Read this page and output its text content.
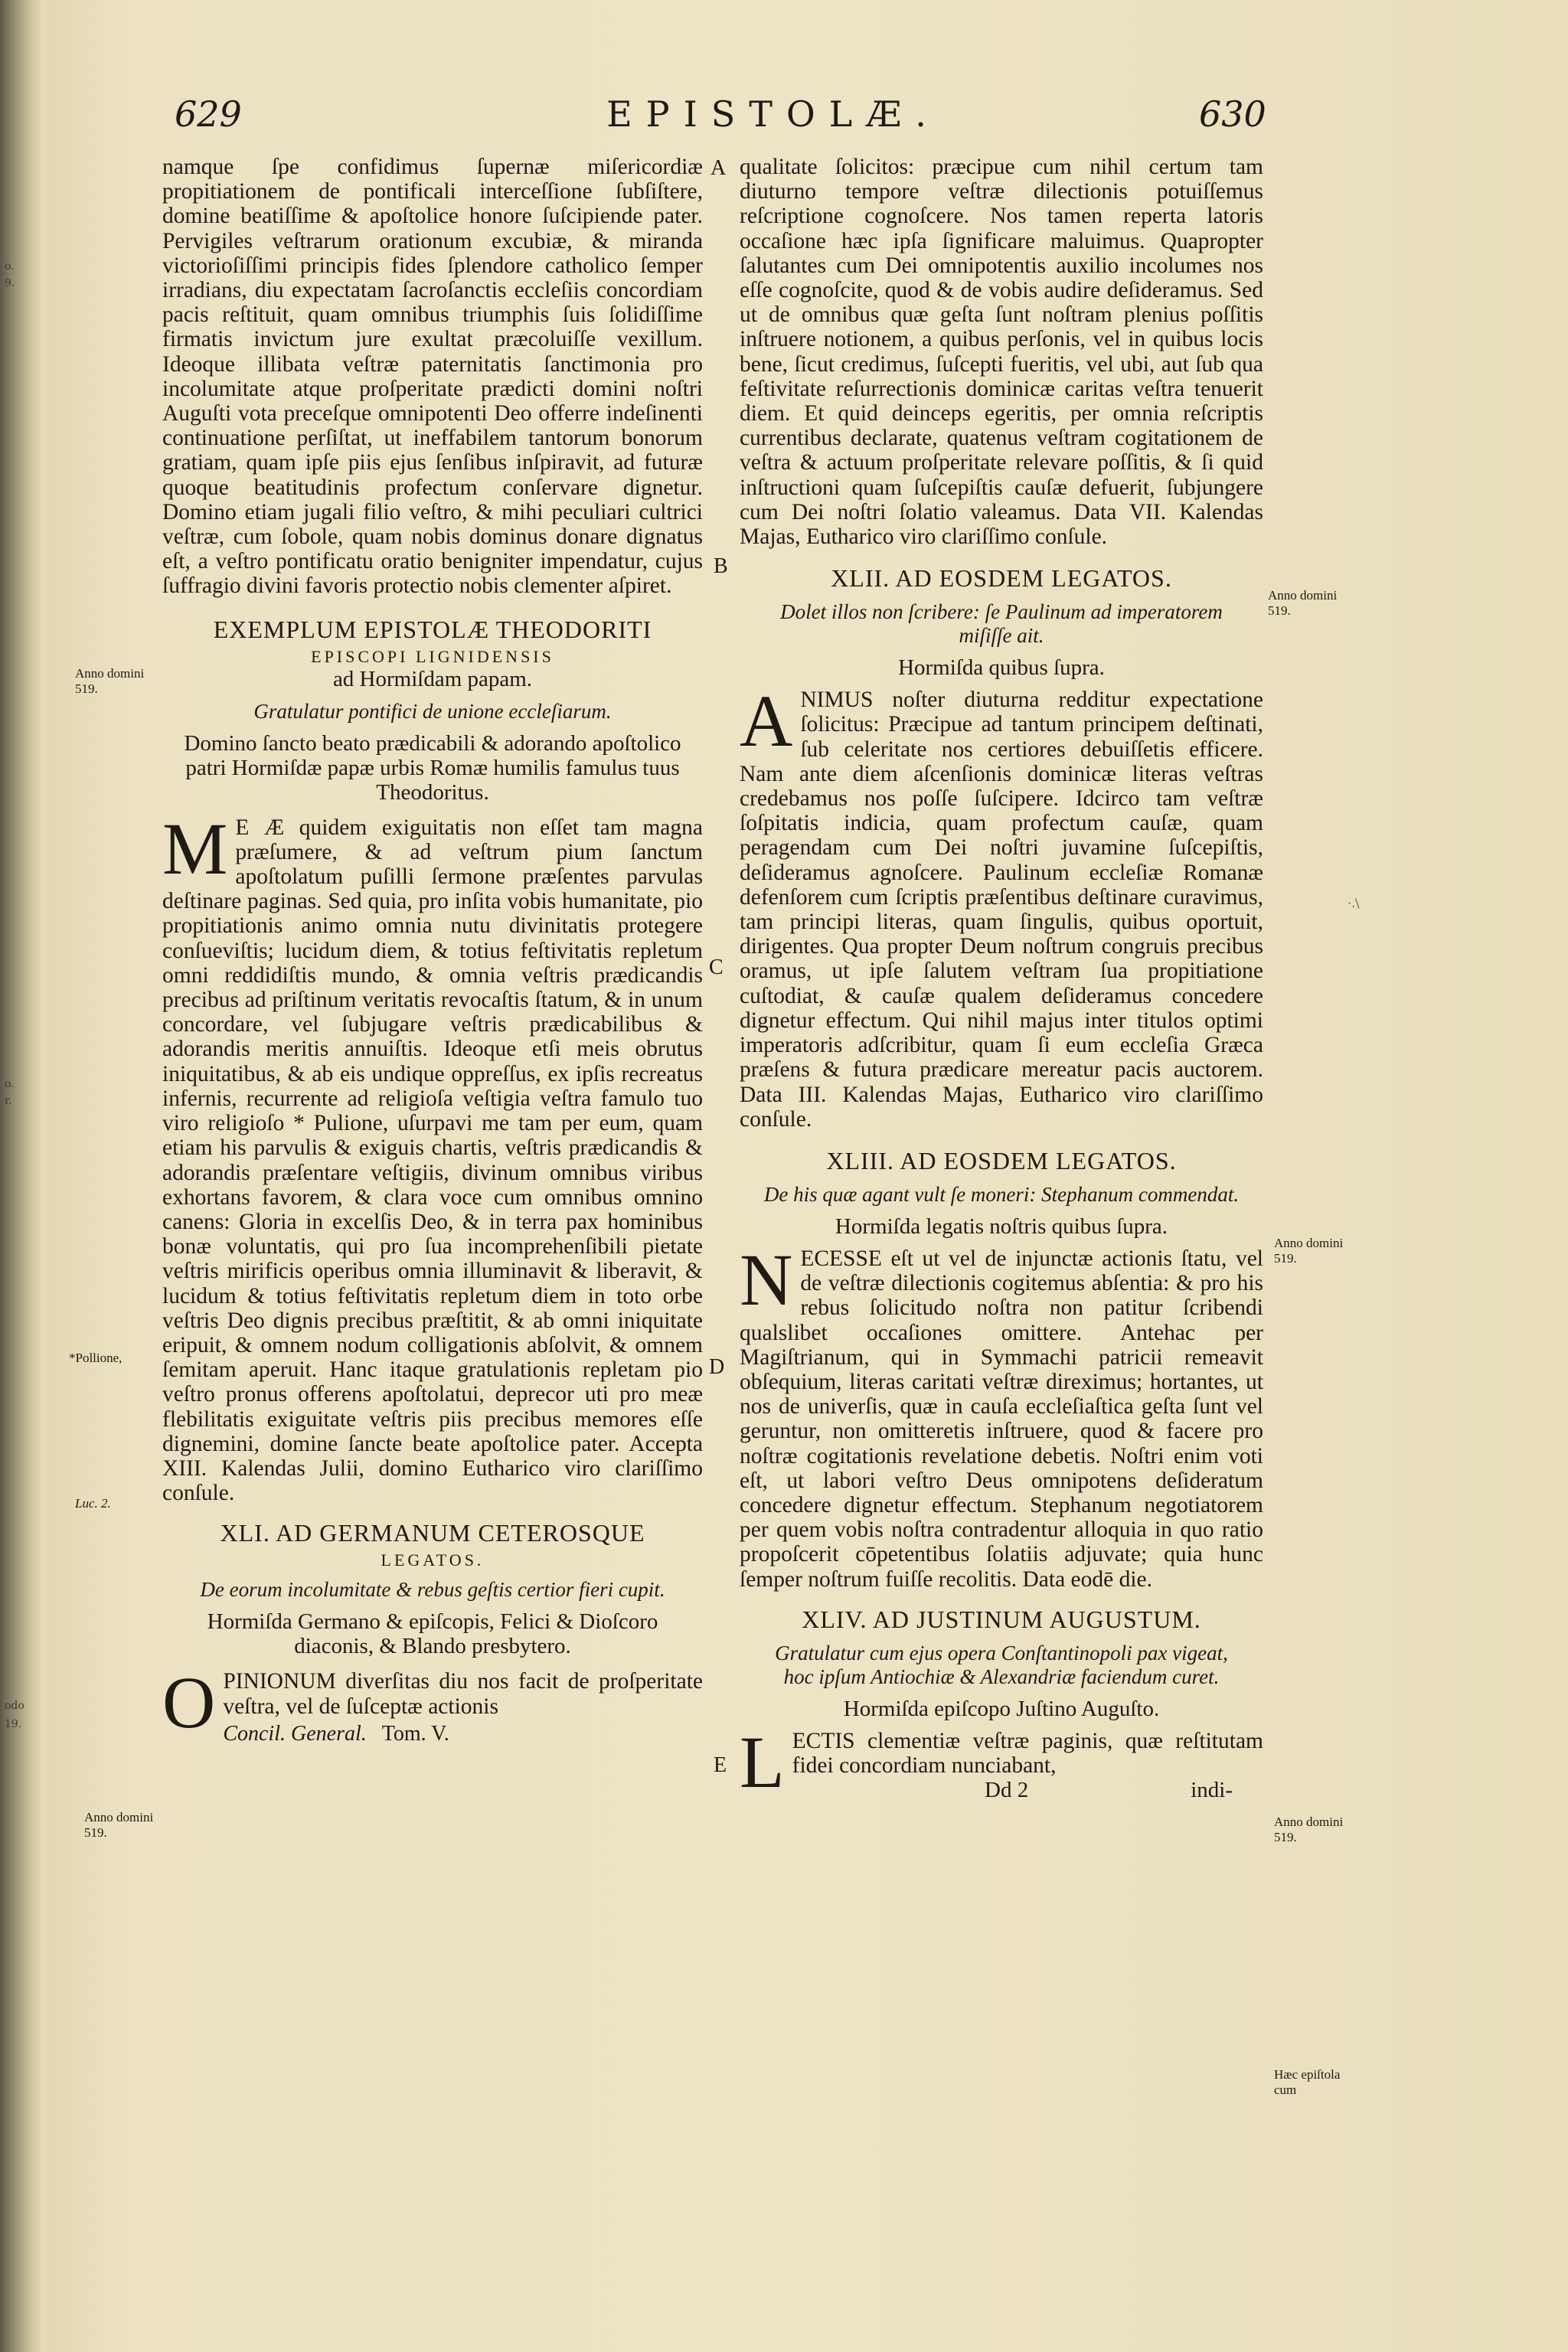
629	EPISTOLÆ.	630
o.
9.
o.
r.
odo
19.

namque ſpe confidimus ſupernæ miſericordiæ propitiationem de pontificali interceſſione ſubſiſtere, domine beatiſſime & apoſtolice honore ſuſcipiende pater. Pervigiles veſtrarum orationum excubiæ, & miranda victorioſiſſimi principis fides ſplendore catholico ſemper irradians, diu expectatam ſacroſanctis eccleſiis concordiam pacis reſtituit, quam omnibus triumphis ſuis ſolidiſſime firmatis invictum jure exultat præcoluiſſe vexillum. Ideoque illibata veſtræ paternitatis ſanctimonia pro incolumitate atque proſperitate prædicti domini noſtri Auguſti vota preceſque omnipotenti Deo offerre indeſinenti continuatione perſiſtat, ut ineffabilem tantorum bonorum gratiam, quam ipſe piis ejus ſenſibus inſpiravit, ad futuræ quoque beatitudinis profectum conſervare dignetur. Domino etiam jugali filio veſtro, & mihi peculiari cultrici veſtræ, cum ſobole, quam nobis dominus donare dignatus eſt, a veſtro pontificatu oratio benigniter impendatur, cujus ſuffragio divini favoris protectio nobis clementer aſpiret.

EXEMPLUM EPISTOLÆ THEODORITI
EPISCOPI LIGNIDENSIS
ad Hormiſdam papam.
Gratulatur pontifici de unione eccleſiarum.
Domino ſancto beato prædicabili & adorando apoſtolico patri Hormiſdæ papæ urbis Romæ humilis famulus tuus Theodoritus.

M E Æ quidem exiguitatis non eſſet tam magna præſumere, & ad veſtrum pium ſanctum apoſtolatum puſilli ſermone præſentes parvulas deſtinare paginas. Sed quia, pro inſita vobis humanitate, pio propitiationis animo omnia nutu divinitatis protegere conſueviſtis; lucidum diem, & totius feſtivitatis repletum omni reddidiſtis mundo, & omnia veſtris prædicandis precibus ad priſtinum veritatis revocaſtis ſtatum, & in unum concordare, vel ſubjugare veſtris prædicabilibus & adorandis meritis annuiſtis. Ideoque etſi meis obrutus iniquitatibus, & ab eis undique oppreſſus, ex ipſis recreatus infernis, recurrente ad religioſa veſtigia veſtra famulo tuo viro religioſo * Pulione, uſurpavi me tam per eum, quam etiam his parvulis & exiguis chartis, veſtris prædicandis & adorandis præſentare veſtigiis, divinum omnibus viribus exhortans favorem, & clara voce cum omnibus omnino canens: Gloria in excelſis Deo, & in terra pax hominibus bonæ voluntatis, qui pro ſua incomprehenſibili pietate veſtris mirificis operibus omnia illuminavit & liberavit, & lucidum & totius feſtivitatis repletum diem in toto orbe veſtris Deo dignis precibus præſtitit, & ab omni iniquitate eripuit, & omnem nodum colligationis abſolvit, & omnem ſemitam aperuit. Hanc itaque gratulationis repletam pio veſtro pronus offerens apoſtolatui, deprecor uti pro meæ flebilitatis exiguitate veſtris piis precibus memores eſſe dignemini, domine ſancte beate apoſtolice pater. Accepta XIII. Kalendas Julii, domino Eutharico viro clariſſimo conſule.

XLI. AD GERMANUM CETEROSQUE
LEGATOS.
De eorum incolumitate & rebus geſtis certior fieri cupit.
Hormiſda Germano & epiſcopis, Felici & Dioſcoro diaconis, & Blando presbytero.

OPINIONUM diverſitas diu nos facit de proſperitate veſtra, vel de ſuſceptæ actionis

Concil. General. Tom. V.

qualitate ſolicitos: præcipue cum nihil certum tam diuturno tempore veſtræ dilectionis potuiſſemus reſcriptione cognoſcere. Nos tamen reperta latoris occaſione hæc ipſa ſignificare maluimus. Quapropter ſalutantes cum Dei omnipotentis auxilio incolumes nos eſſe cognoſcite, quod & de vobis audire deſideramus. Sed ut de omnibus quæ geſta ſunt noſtram plenius poſſitis inſtruere notionem, a quibus perſonis, vel in quibus locis bene, ſicut credimus, ſuſcepti fueritis, vel ubi, aut ſub qua feſtivitate reſurrectionis dominicæ caritas veſtra tenuerit diem. Et quid deinceps egeritis, per omnia reſcriptis currentibus declarate, quatenus veſtram cogitationem de veſtra & actuum proſperitate relevare poſſitis, & ſi quid inſtructioni quam ſuſcepiſtis cauſæ defuerit, ſubjungere cum Dei noſtri ſolatio valeamus. Data VII. Kalendas Majas, Eutharico viro clariſſimo conſule.

XLII. AD EOSDEM LEGATOS.
Dolet illos non ſcribere: ſe Paulinum ad imperatorem miſiſſe ait.
Hormiſda quibus ſupra.

ANIMUS noſter diuturna redditur expectatione ſolicitus: Præcipue ad tantum principem deſtinati, ſub celeritate nos certiores debuiſſetis efficere. Nam ante diem aſcenſionis dominicæ literas veſtras credebamus nos poſſe ſuſcipere. Idcirco tam veſtræ ſoſpitatis indicia, quam profectum cauſæ, quam peragendam cum Dei noſtri juvamine ſuſcepiſtis, deſideramus agnoſcere. Paulinum eccleſiæ Romanæ defenſorem cum ſcriptis præſentibus deſtinare curavimus, tam principi literas, quam ſingulis, quibus oportuit, dirigentes. Qua propter Deum noſtrum congruis precibus oramus, ut ipſe ſalutem veſtram ſua propitiatione cuſtodiat, & cauſæ qualem deſideramus concedere dignetur effectum. Qui nihil majus inter titulos optimi imperatoris adſcribitur, quam ſi eum eccleſia Græca præſens & futura prædicare mereatur pacis auctorem. Data III. Kalendas Majas, Eutharico viro clariſſimo conſule.

XLIII. AD EOSDEM LEGATOS.
De his quæ agant vult ſe moneri: Stephanum commendat.
Hormiſda legatis noſtris quibus ſupra.

NECESSE eſt ut vel de injunctæ actionis ſtatu, vel de veſtræ dilectionis cogitemus abſentia: & pro his rebus ſolicitudo noſtra non patitur ſcribendi qualslibet occaſiones omittere. Antehac per Magiſtrianum, qui in Symmachi patricii remeavit obſequium, literas caritati veſtræ direximus; hortantes, ut nos de univerſis, quæ in cauſa eccleſiaſtica geſta ſunt vel geruntur, non omitteretis inſtruere, quod & facere pro noſtræ cogitationis revelatione debetis. Noſtri enim voti eſt, ut labori veſtro Deus omnipotens deſideratum concedere dignetur effectum. Stephanum negotiatorem per quem vobis noſtra contradentur alloquia in quo ratio propoſcerit cōpetentibus ſolatiis adjuvate; quia hunc ſemper noſtrum fuiſſe recolitis. Data eodē die.

XLIV. AD JUSTINUM AUGUSTUM.
Gratulatur cum ejus opera Conſtantinopoli pax vigeat, hoc ipſum Antiochiæ & Alexandriæ faciendum curet.
Hormiſda epiſcopo Juſtino Auguſto.

LECTIS clementiæ veſtræ paginis, quæ reſtitutam fidei concordiam nunciabant,

Dd 2	indi-
A
B
C
D
E
Anno domini 519.
*Pollione,
Luc. 2.
Anno domini 519.
Anno domini 519.
Anno domini 519.
Anno domini 519.
Hæc epiſtola cum
·.\
